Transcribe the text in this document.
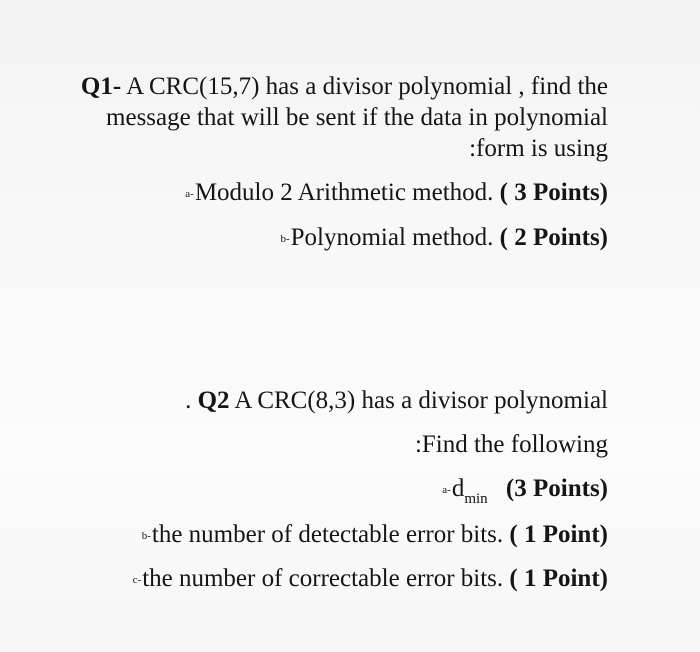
Q1- A CRC(15,7) has a divisor polynomial , find the
message that will be sent if the data in polynomial
:form is using
a-Modulo 2 Arithmetic method. ( 3 Points)
b-Polynomial method. ( 2 Points)
. Q2 A CRC(8,3) has a divisor polynomial
:Find the following
$a-d_{min}$ (3 Points)
b-the number of detectable error bits. ( 1 Point)
c-the number of correctable error bits. ( 1 Point)
